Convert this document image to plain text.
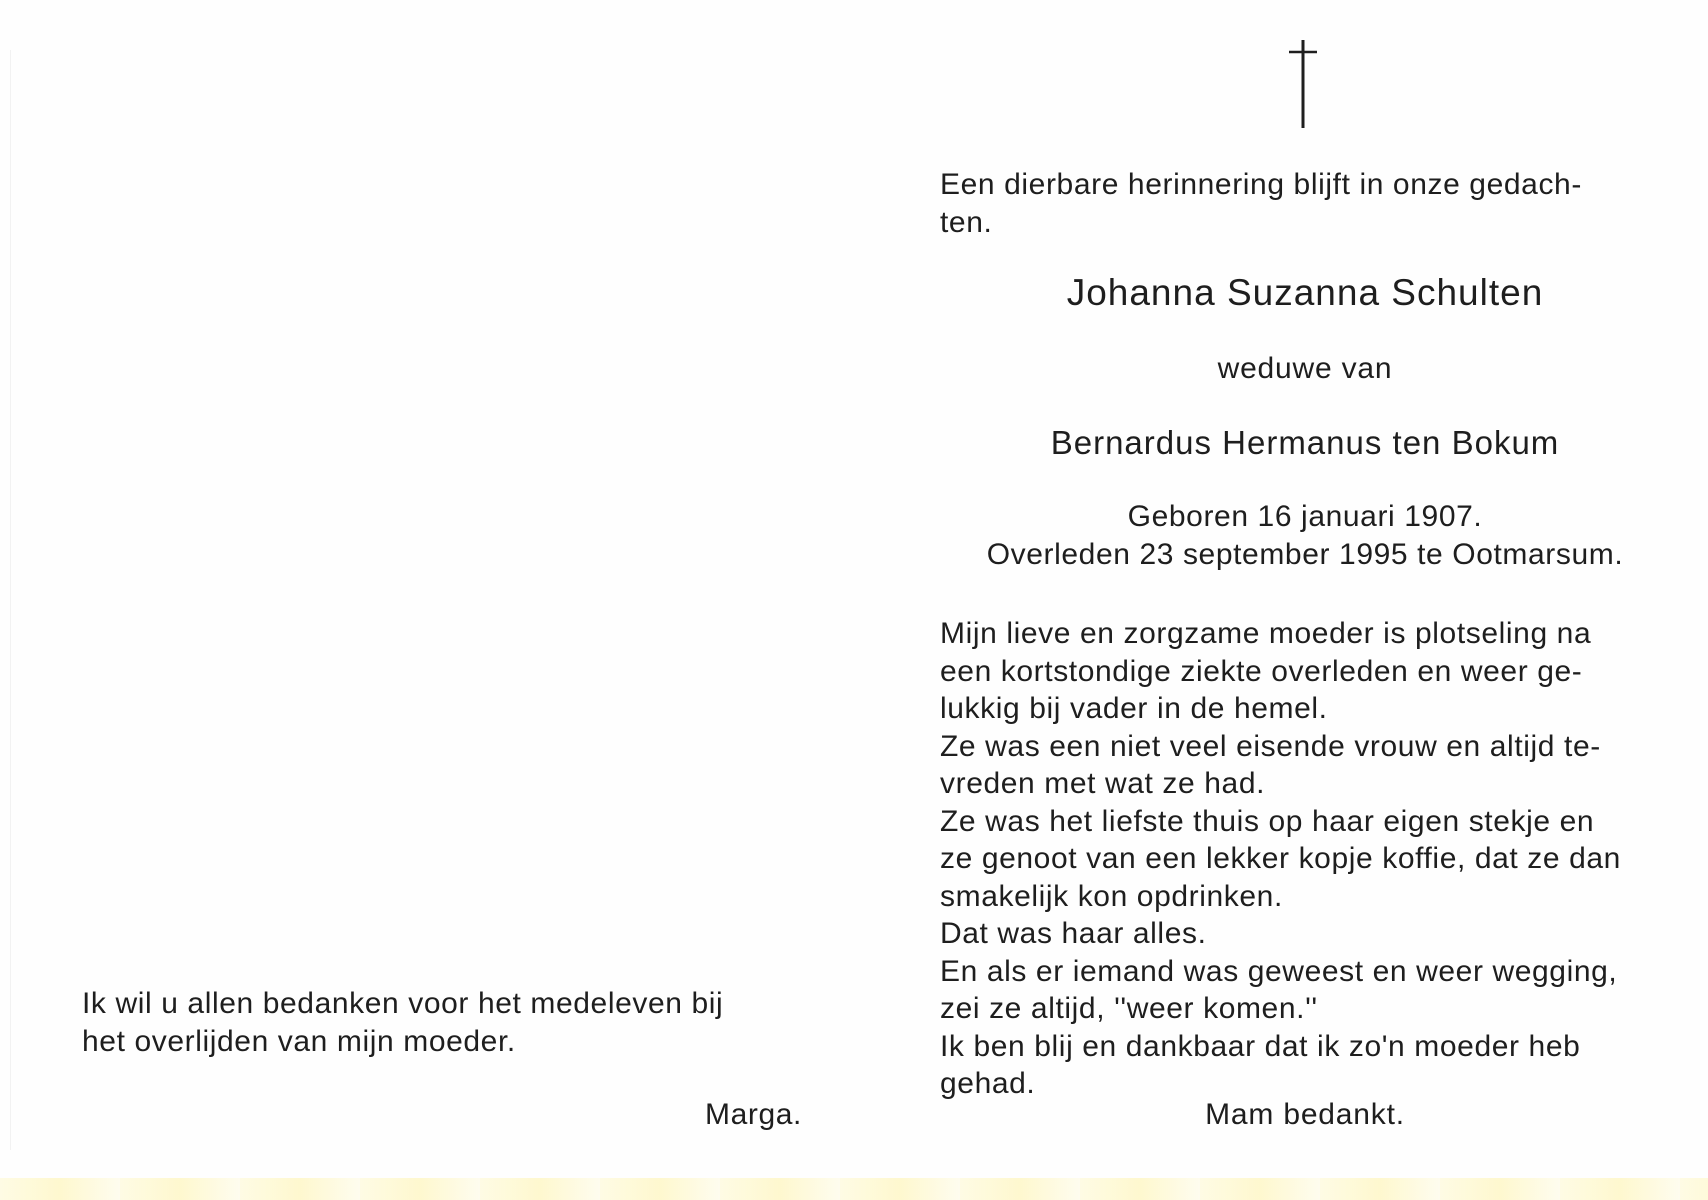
Een dierbare herinnering blijft in onze gedach-

ten.

Johanna Suzanna Schulten

weduwe van

Bernardus Hermanus ten Bokum

Geboren 16 januari 1907.

Overleden 23 september 1995 te Ootmarsum.

Mijn lieve en zorgzame moeder is plotseling na
een kortstondige ziekte overleden en weer ge-
lukkig bij vader in de hemel.
Ze was een niet veel eisende vrouw en altijd te-
vreden met wat ze had.
Ze was het liefste thuis op haar eigen stekje en
ze genoot van een lekker kopje koffie, dat ze dan
smakelijk kon opdrinken.
Dat was haar alles.
En als er iemand was geweest en weer wegging,
zei ze altijd, ''weer komen.''
Ik ben blij en dankbaar dat ik zo'n moeder heb
gehad.

Mam bedankt.

Ik wil u allen bedanken voor het medeleven bij
het overlijden van mijn moeder.

Marga.
